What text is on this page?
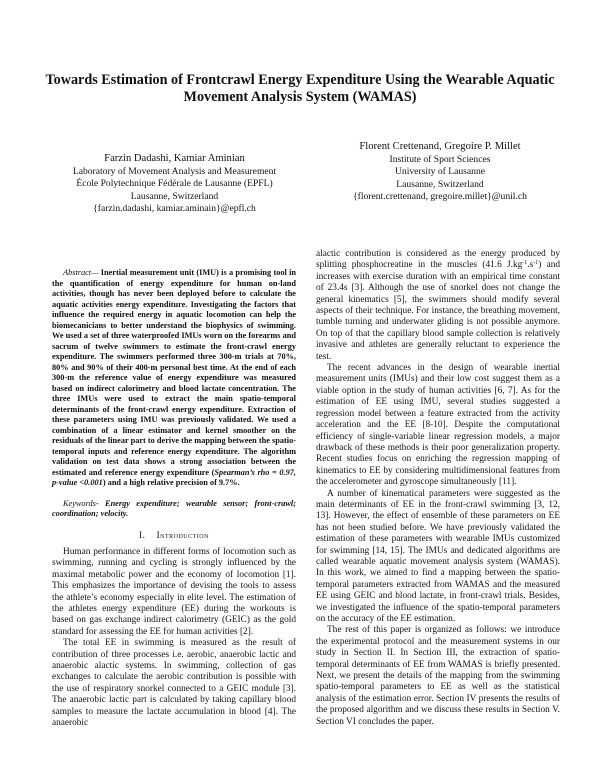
Towards Estimation of Frontcrawl Energy Expenditure Using the Wearable Aquatic Movement Analysis System (WAMAS)
Farzin Dadashi, Kamiar Aminian
Laboratory of Movement Analysis and Measurement
École Polytechnique Fédérale de Lausanne (EPFL)
Lausanne, Switzerland
{farzin.dadashi, kamiar.aminain}@epfl.ch
Florent Crettenand, Gregoire P. Millet
Institute of Sport Sciences
University of Lausanne
Lausanne, Switzerland
{florent.crettenand, gregoire.millet}@unil.ch

Abstract— Inertial measurement unit (IMU) is a promising tool in the quantification of energy expenditure for human on-land activities, though has never been deployed before to calculate the aquatic activities energy expenditure. Investigating the factors that influence the required energy in aquatic locomotion can help the biomecanicians to better understand the biophysics of swimming. We used a set of three waterproofed IMUs worn on the forearms and sacrum of twelve swimmers to estimate the front-crawl energy expenditure. The swimmers performed three 300-m trials at 70%, 80% and 90% of their 400-m personal best time. At the end of each 300-m the reference value of energy expenditure was measured based on indirect calorimetry and blood lactate concentration. The three IMUs were used to extract the main spatio-temporal determinants of the front-crawl energy expenditure. Extraction of these parameters using IMU was previously validated. We used a combination of a linear estimator and kernel smoother on the residuals of the linear part to derive the mapping between the spatio-temporal inputs and reference energy expenditure. The algorithm validation on test data shows a strong association between the estimated and reference energy expenditure (Spearman’s rho = 0.97, p-value <0.001) and a high relative precision of 9.7%.

Keywords- Energy expenditure; wearable sensor; front-crawl; coordination; velocity.

I. Introduction

Human performance in different forms of locomotion such as swimming, running and cycling is strongly influenced by the maximal metabolic power and the economy of locomotion [1]. This emphasizes the importance of devising the tools to assess the athlete’s economy especially in elite level. The estimation of the athletes energy expenditure (EE) during the workouts is based on gas exchange indirect calorimetry (GEIC) as the gold standard for assessing the EE for human activities [2].

The total EE in swimming is measured as the result of contribution of three processes i.e. aerobic, anaerobic lactic and anaerobic alactic systems. In swimming, collection of gas exchanges to calculate the aerobic contribution is possible with the use of respiratory snorkel connected to a GEIC module [3]. The anaerobic lactic part is calculated by taking capillary blood samples to measure the lactate accumulation in blood [4]. The anaerobic

alactic contribution is considered as the energy produced by splitting phosphocreatine in the muscles (41.6 $J.kg^{-1}.s^{-1}$) and increases with exercise duration with an empirical time constant of 23.4s [3]. Although the use of snorkel does not change the general kinematics [5], the swimmers should modify several aspects of their technique. For instance, the breathing movement, tumble turning and underwater gliding is not possible anymore. On top of that the capillary blood sample collection is relatively invasive and athletes are generally reluctant to experience the test.

The recent advances in the design of wearable inertial measurement units (IMUs) and their low cost suggest them as a viable option in the study of human activities [6, 7]. As for the estimation of EE using IMU, several studies suggested a regression model between a feature extracted from the activity acceleration and the EE [8-10]. Despite the computational efficiency of single-variable linear regression models, a major drawback of these methods is their poor generalization property. Recent studies focus on enriching the regression mapping of kinematics to EE by considering multidimensional features from the accelerometer and gyroscope simultaneously [11].

A number of kinematical parameters were suggested as the main determinants of EE in the front-crawl swimming [3, 12, 13]. However, the effect of ensemble of these parameters on EE has not been studied before. We have previously validated the estimation of these parameters with wearable IMUs customized for swimming [14, 15]. The IMUs and dedicated algorithms are called wearable aquatic movement analysis system (WAMAS). In this work, we aimed to find a mapping between the spatio-temporal parameters extracted from WAMAS and the measured EE using GEIC and blood lactate, in front-crawl trials. Besides, we investigated the influence of the spatio-temporal parameters on the accuracy of the EE estimation.

The rest of this paper is organized as follows: we introduce the experimental protocol and the measurement systems in our study in Section II. In Section III, the extraction of spatio-temporal determinants of EE from WAMAS is briefly presented. Next, we present the details of the mapping from the swimming spatio-temporal parameters to EE as well as the statistical analysis of the estimation error. Section IV presents the results of the proposed algorithm and we discuss these results in Section V. Section VI concludes the paper.
